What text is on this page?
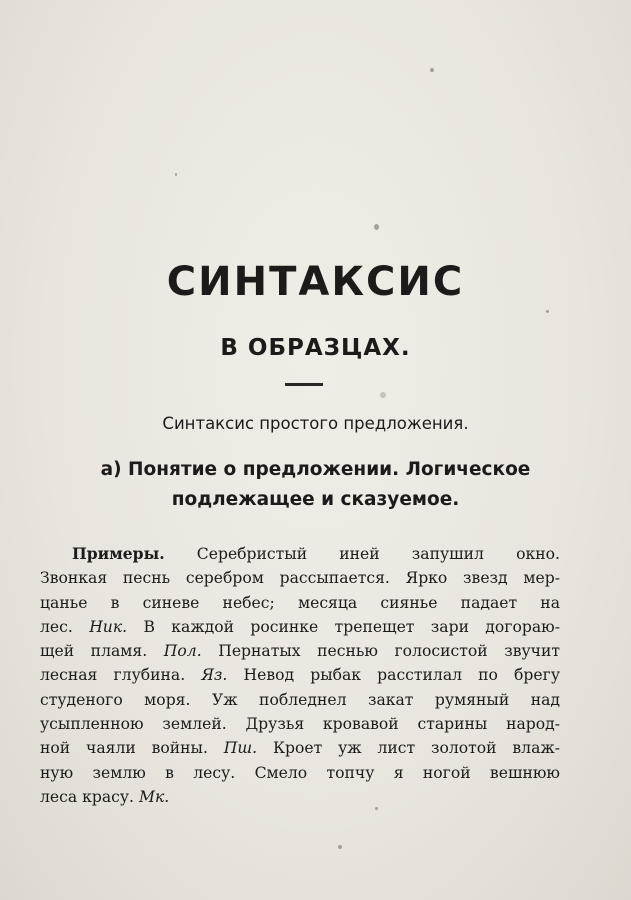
СИНТАКСИС
В ОБРАЗЦАХ.
Синтаксис простого предложения.
а) Понятие о предложении. Логическое
подлежащее и сказуемое.
Примеры. Серебристый иней запушил окно.
Звонкая песнь серебром рассыпается. Ярко звезд мер-
цанье в синеве небес; месяца сиянье падает на
лес. Ник. В каждой росинке трепещет зари догораю-
щей пламя. Пол. Пернатых песнью голосистой звучит
лесная глубина. Яз. Невод рыбак расстилал по брегу
студеного моря. Уж побледнел закат румяный над
усыпленною землей. Друзья кровавой старины народ-
ной чаяли войны. Пш. Кроет уж лист золотой влаж-
ную землю в лесу. Смело топчу я ногой вешнюю
леса красу. Мк.
